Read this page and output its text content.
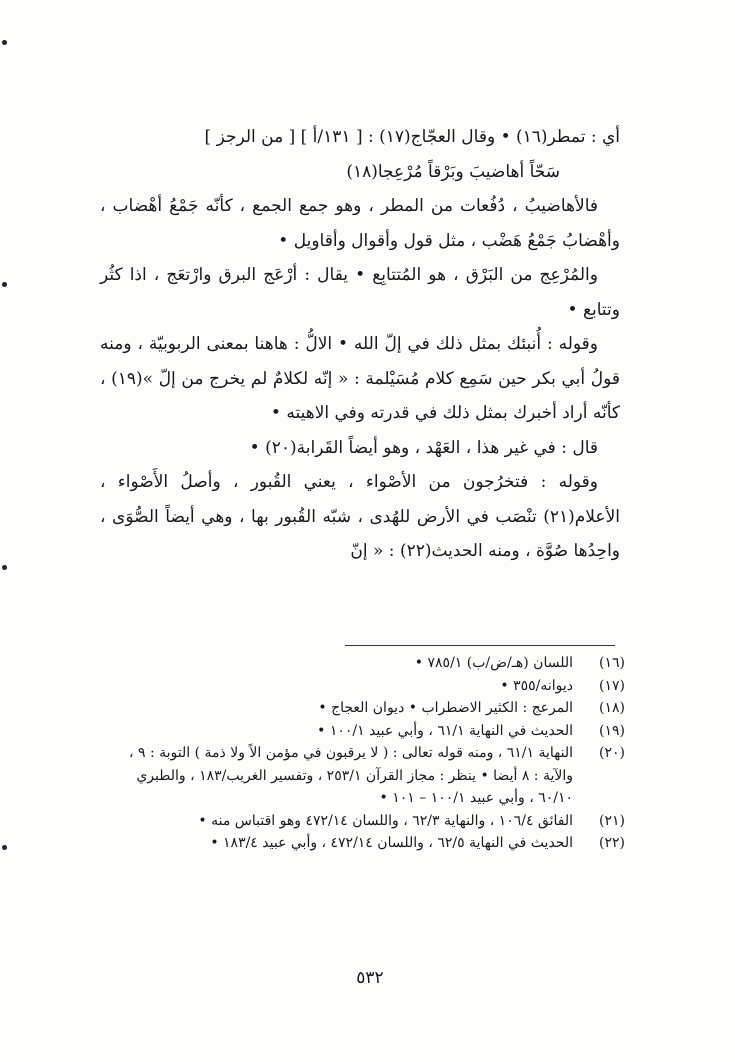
أي : تمطر(١٦) • وقال العجّاج(١٧) : [ ١٣١/أ ] [ من الرجز ]

سَحّاً أهاضيبَ وبَرْقاً مُرْعِجا(١٨)

فالأهاضيبُ ، دُفُعات من المطر ، وهو جمع الجمع ، كأنّه جَمْعُ أهْضاب ، وأهْضابُ جَمْعُ هَضْب ، مثل قول وأقوال وأقاويل •

والمُرْعِج من البَرْق ، هو المُتتابِع • يقال : أرْعَج البرق وارْتعَج ، اذا كثُر وتتابع •

وقوله : أُنبئك بمثل ذلك في إلّ الله • الالُّ : هاهنا بمعنى الربوبيّة ، ومنه قولُ أبي بكر حين سَمِع كلام مُسَيْلمة : « إنّه لكلامٌ لم يخرج من إلّ »(١٩) ، كأنّه أراد أخبرك بمثل ذلك في قدرته وفي الاهيته •

قال : في غير هذا ، العَهْد ، وهو أيضاً القَرابة(٢٠) •

وقوله : فتخرُجون من الأصْواء ، يعني القُبور ، وأصلُ الأَصْواء ، الأعلام(٢١) تنْصَب في الأرض للهُدى ، شبّه القُبور بها ، وهي أيضاً الصُّوَى ، واحِدُها صُوَّة ، ومنه الحديث(٢٢) : « إنّ

(١٦)
اللسان (هـ/ض/ب) ٧٨٥/١ •
(١٧)
ديوانه/٣٥٥ •
(١٨)
المرعج : الكثير الاضطراب • ديوان العجاج •
(١٩)
الحديث في النهاية ٦١/١ ، وأبي عبيد ١٠٠/١ •
(٢٠)
النهاية ٦١/١ ، ومنه قوله تعالى : ( لا يرقبون في مؤمن الاً ولا ذمة ) التوبة : ٩ ، والآية : ٨ أيضا • ينظر : مجاز القرآن ٢٥٣/١ ، وتفسير الغريب/١٨٣ ، والطبري ٦٠/١٠ ، وأبي عبيد ١٠٠/١ – ١٠١ •
(٢١)
الفائق ١٠٦/٤ ، والنهاية ٦٢/٣ ، واللسان ٤٧٢/١٤ وهو اقتباس منه •
(٢٢)
الحديث في النهاية ٦٢/٥ ، واللسان ٤٧٢/١٤ ، وأبي عبيد ١٨٣/٤ •
٥٣٢
